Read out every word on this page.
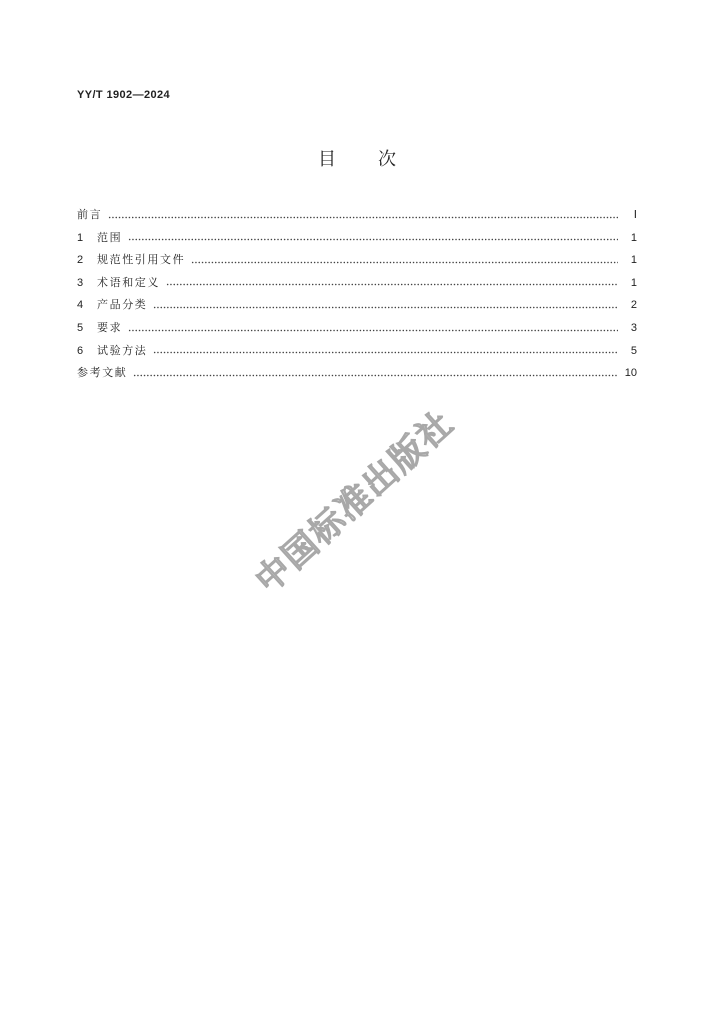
YY/T 1902—2024
目　　次
前言	Ⅰ
1	范围	1
2	规范性引用文件	1
3	术语和定义	1
4	产品分类	2
5	要求	3
6	试验方法	5
参考文献	10
中国标准出版社
